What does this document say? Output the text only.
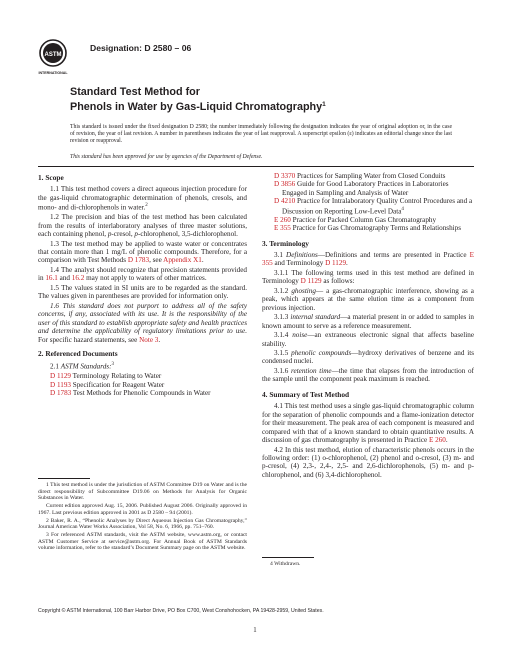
ASTM
INTERNATIONAL
Designation: D 2580 – 06
Standard Test Method for
Phenols in Water by Gas-Liquid Chromatography$^1$
This standard is issued under the fixed designation D 2580; the number immediately following the designation indicates the year of original adoption or, in the case of revision, the year of last revision. A number in parentheses indicates the year of last reapproval. A superscript epsilon (ε) indicates an editorial change since the last revision or reapproval.
This standard has been approved for use by agencies of the Department of Defense.
1. Scope
1.1 This test method covers a direct aqueous injection procedure for the gas-liquid chromatographic determination of phenols, cresols, and mono- and di-chlorophenols in water.$^2$
1.2 The precision and bias of the test method has been calculated from the results of interlaboratory analyses of three master solutions, each containing phenol, p-cresol, p-chlorophenol, 3,5-dichlorophenol.
1.3 The test method may be applied to waste water or concentrates that contain more than 1 mg/L of phenolic compounds. Therefore, for a comparison with Test Methods D 1783, see Appendix X1.
1.4 The analyst should recognize that precision statements provided in 16.1 and 16.2 may not apply to waters of other matrices.
1.5 The values stated in SI units are to be regarded as the standard. The values given in parentheses are provided for information only.
1.6 This standard does not purport to address all of the safety concerns, if any, associated with its use. It is the responsibility of the user of this standard to establish appropriate safety and health practices and determine the applicability of regulatory limitations prior to use. For specific hazard statements, see Note 3.
2. Referenced Documents
2.1 ASTM Standards:$^3$
D 1129 Terminology Relating to Water
D 1193 Specification for Reagent Water
D 1783 Test Methods for Phenolic Compounds in Water
1 This test method is under the jurisdiction of ASTM Committee D19 on Water and is the direct responsibility of Subcommittee D19.06 on Methods for Analysis for Organic Substances in Water.
Current edition approved Aug. 15, 2006. Published August 2006. Originally approved in 1967. Last previous edition approved in 2001 as D 2580 – 94 (2001).
2 Baker, R. A., “Phenolic Analyses by Direct Aqueous Injection Gas Chromatography,” Journal American Water Works Association, Vol 58, No. 6, 1966, pp. 751–760.
3 For referenced ASTM standards, visit the ASTM website, www.astm.org, or contact ASTM Customer Service at service@astm.org. For Annual Book of ASTM Standards volume information, refer to the standard’s Document Summary page on the ASTM website.
D 3370 Practices for Sampling Water from Closed Conduits
D 3856 Guide for Good Laboratory Practices in Laboratories Engaged in Sampling and Analysis of Water
D 4210 Practice for Intralaboratory Quality Control Procedures and a Discussion on Reporting Low-Level Data$^4$
E 260 Practice for Packed Column Gas Chromatography
E 355 Practice for Gas Chromatography Terms and Relationships
3. Terminology
3.1 Definitions—Definitions and terms are presented in Practice E 355 and Terminology D 1129.
3.1.1 The following terms used in this test method are defined in Terminology D 1129 as follows:
3.1.2 ghosting— a gas-chromatographic interference, showing as a peak, which appears at the same elution time as a component from previous injection.
3.1.3 internal standard—a material present in or added to samples in known amount to serve as a reference measurement.
3.1.4 noise—an extraneous electronic signal that affects baseline stability.
3.1.5 phenolic compounds—hydroxy derivatives of benzene and its condensed nuclei.
3.1.6 retention time—the time that elapses from the introduction of the sample until the component peak maximum is reached.
4. Summary of Test Method
4.1 This test method uses a single gas-liquid chromatographic column for the separation of phenolic compounds and a flame-ionization detector for their measurement. The peak area of each component is measured and compared with that of a known standard to obtain quantitative results. A discussion of gas chromatography is presented in Practice E 260.
4.2 In this test method, elution of characteristic phenols occurs in the following order: (1) o-chlorophenol, (2) phenol and o-cresol, (3) m- and p-cresol, (4) 2,3-, 2,4-, 2,5- and 2,6-dichlorophenols, (5) m- and p-chlorophenol, and (6) 3,4-dichlorophenol.
4 Withdrawn.
Copyright © ASTM International, 100 Barr Harbor Drive, PO Box C700, West Conshohocken, PA 19428-2959, United States.
1
